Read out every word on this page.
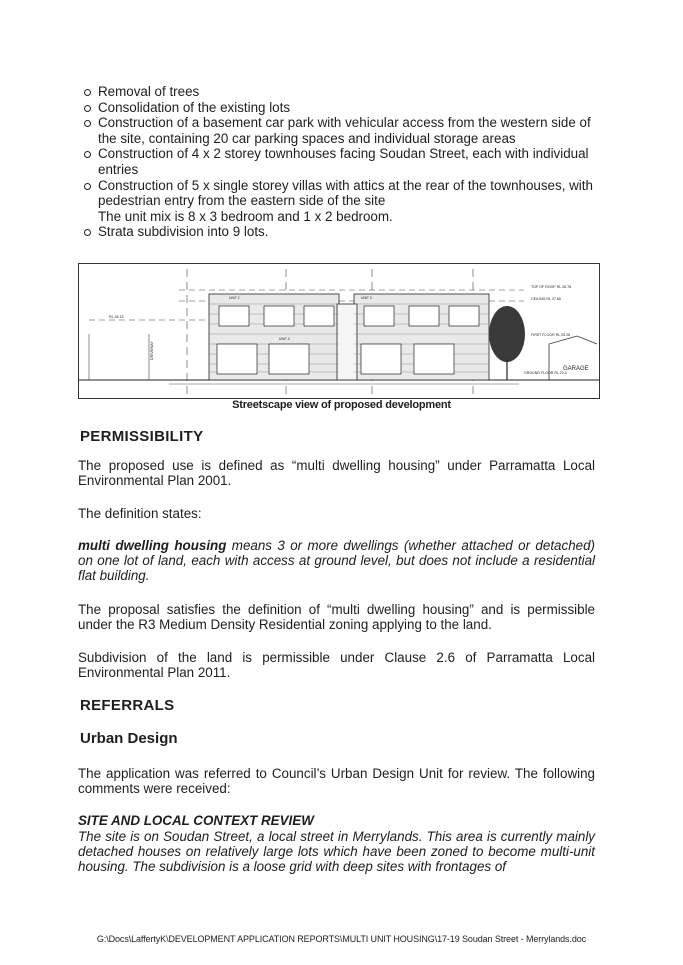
Removal of trees
Consolidation of the existing lots
Construction of a basement car park with vehicular access from the western side of the site, containing 20 car parking spaces and individual storage areas
Construction of 4 x 2 storey townhouses facing Soudan Street, each with individual entries
Construction of 5 x single storey villas with attics at the rear of the townhouses, with pedestrian entry from the eastern side of the site
The unit mix is 8 x 3 bedroom and 1 x 2 bedroom.
Strata subdivision into 9 lots.
TOP OF ROOF RL 28.78
CEILING RL 27.65
FIRST FLOOR RL 25.28
GROUND FLOOR RL 22.3
GARAGE
RL 28.15
DRIVEWAY
UNIT 2	UNIT 3
UNIT 4
Streetscape view of proposed development
PERMISSIBILITY
The proposed use is defined as “multi dwelling housing” under Parramatta Local Environmental Plan 2001.
The definition states:
multi dwelling housing means 3 or more dwellings (whether attached or detached) on one lot of land, each with access at ground level, but does not include a residential flat building.
The proposal satisfies the definition of “multi dwelling housing” and is permissible under the R3 Medium Density Residential zoning applying to the land.
Subdivision of the land is permissible under Clause 2.6 of Parramatta Local Environmental Plan 2011.
REFERRALS
Urban Design
The application was referred to Council’s Urban Design Unit for review. The following comments were received:
SITE AND LOCAL CONTEXT REVIEW
The site is on Soudan Street, a local street in Merrylands. This area is currently mainly detached houses on relatively large lots which have been zoned to become multi-unit housing. The subdivision is a loose grid with deep sites with frontages of
G:\Docs\LaffertyK\DEVELOPMENT APPLICATION REPORTS\MULTI UNIT HOUSING\17-19 Soudan Street - Merrylands.doc
